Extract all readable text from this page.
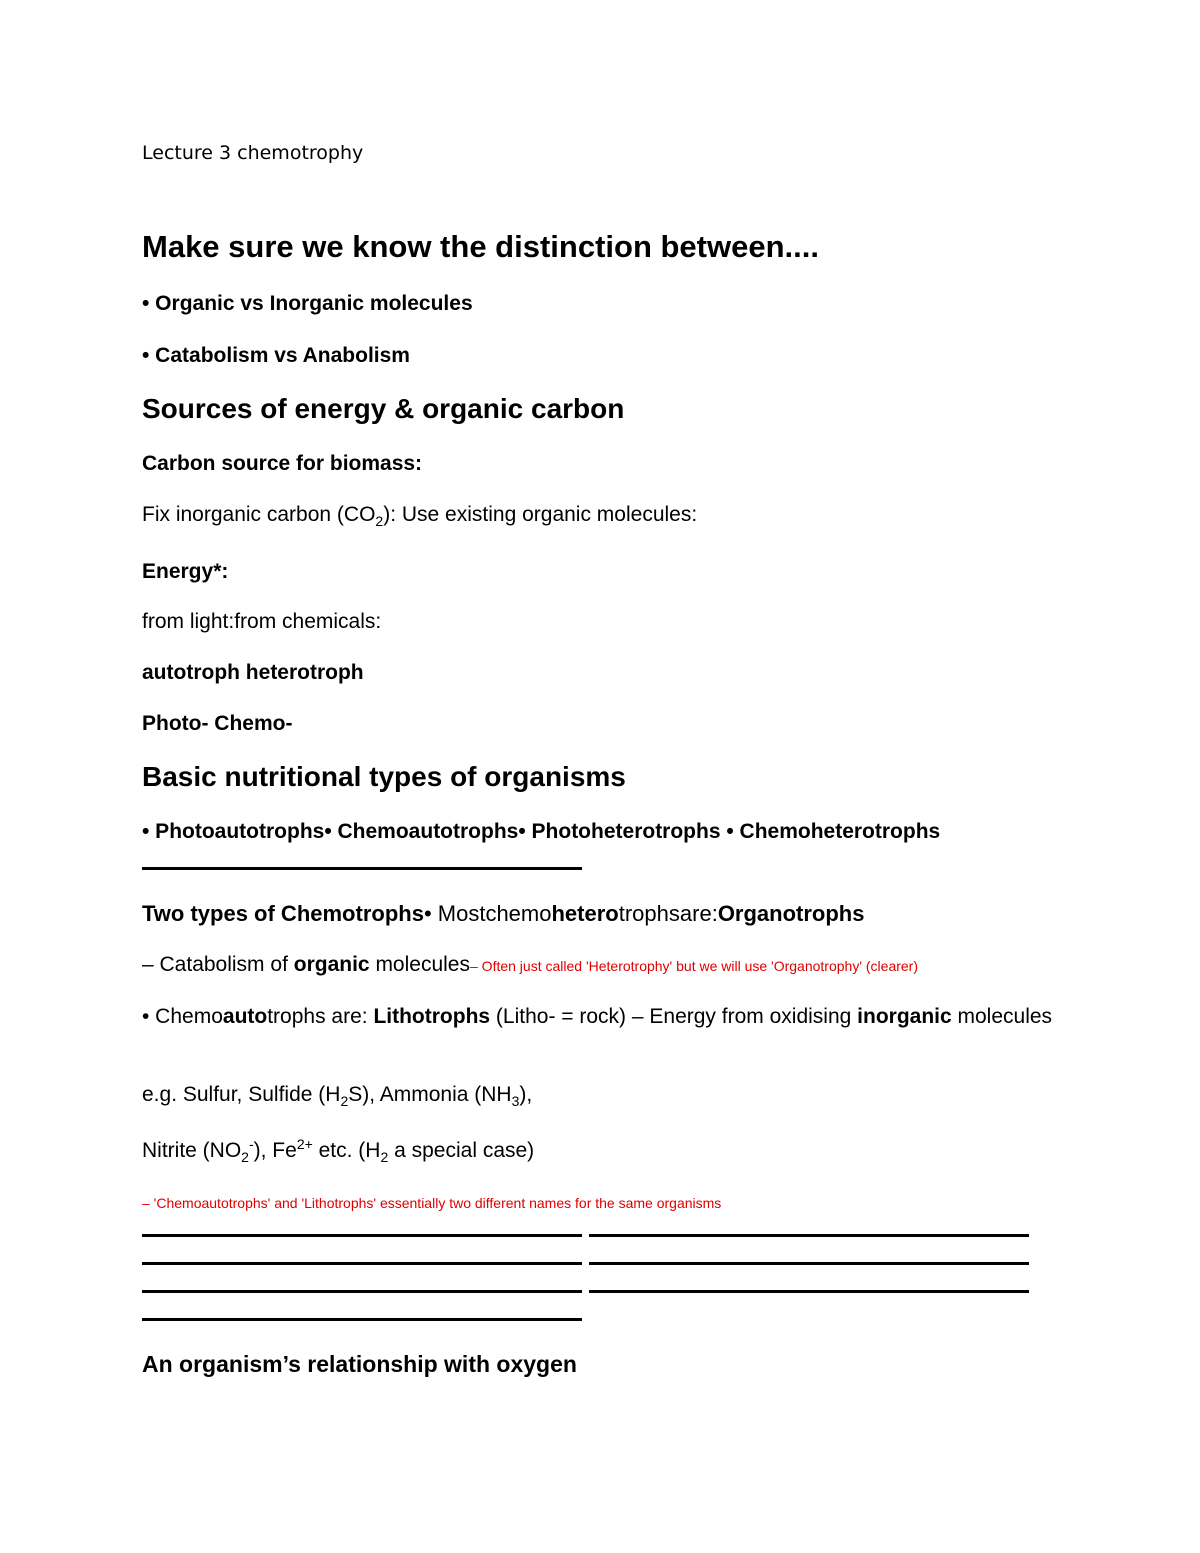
Lecture 3 chemotrophy
Make sure we know the distinction between....
• Organic vs Inorganic molecules
• Catabolism vs Anabolism
Sources of energy & organic carbon
Carbon source for biomass:
Fix inorganic carbon $(CO_2)$: Use existing organic molecules:
Energy*:
from light:from chemicals:
autotroph heterotroph
Photo- Chemo-
Basic nutritional types of organisms
• Photoautotrophs• Chemoautotrophs• Photoheterotrophs • Chemoheterotrophs
Two types of Chemotrophs• Mostchemoheterotrophsare:Organotrophs
– Catabolism of organic molecules– Often just called 'Heterotrophy' but we will use 'Organotrophy' (clearer)
• Chemoautotrophs are: Lithotrophs (Litho- = rock) – Energy from oxidising inorganic molecules
e.g. Sulfur, Sulfide $(H_2S)$, Ammonia $(NH_3)$,
Nitrite $(NO_2^-)$, $Fe^{2+}$ etc. ($H_2$ a special case)
– 'Chemoautotrophs' and 'Lithotrophs' essentially two different names for the same organisms
An organism’s relationship with oxygen
